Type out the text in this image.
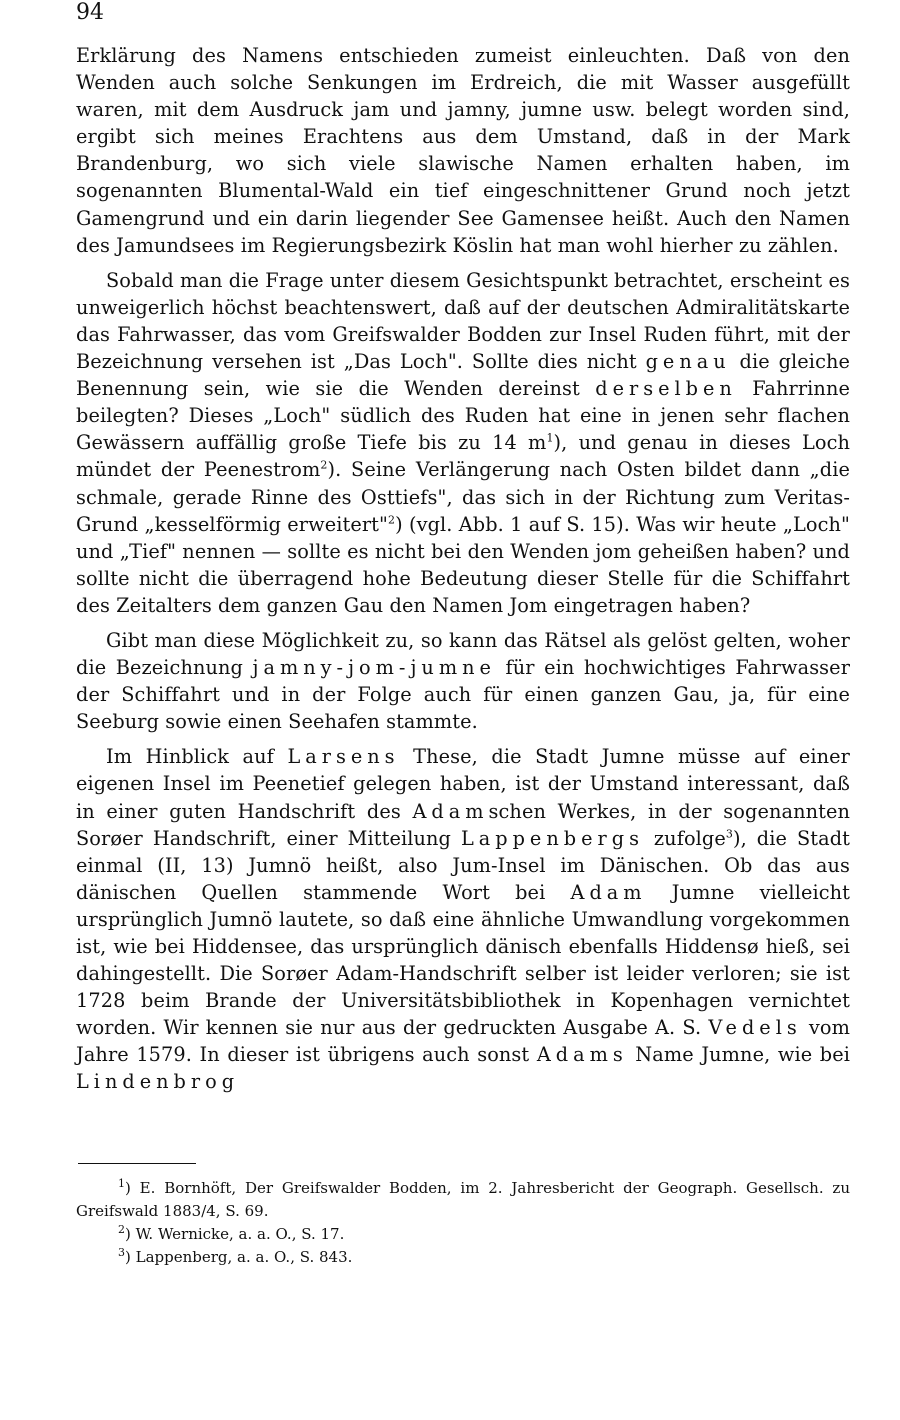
94

Erklärung des Namens entschieden zumeist einleuchten. Daß von den Wenden auch solche Senkungen im Erdreich, die mit Wasser ausgefüllt waren, mit dem Ausdruck jam und jamny, jumne usw. belegt worden sind, ergibt sich meines Erachtens aus dem Umstand, daß in der Mark Brandenburg, wo sich viele slawische Namen erhalten haben, im sogenannten Blumental-Wald ein tief eingeschnittener Grund noch jetzt Gamengrund und ein darin liegender See Gamensee heißt. Auch den Namen des Jamundsees im Regierungsbezirk Köslin hat man wohl hierher zu zählen.

Sobald man die Frage unter diesem Gesichtspunkt betrachtet, erscheint es unweigerlich höchst beachtenswert, daß auf der deutschen Admiralitätskarte das Fahrwasser, das vom Greifswalder Bodden zur Insel Ruden führt, mit der Bezeichnung versehen ist „Das Loch". Sollte dies nicht genau die gleiche Benennung sein, wie sie die Wenden dereinst derselben Fahrrinne beilegten? Dieses „Loch" südlich des Ruden hat eine in jenen sehr flachen Gewässern auffällig große Tiefe bis zu 14 $m^1$), und genau in dieses Loch mündet der Peenestrom$^2$). Seine Verlängerung nach Osten bildet dann „die schmale, gerade Rinne des Osttiefs", das sich in der Richtung zum Veritas-Grund „kesselförmig erweitert"$^2$) (vgl. Abb. 1 auf S. 15). Was wir heute „Loch" und „Tief" nennen — sollte es nicht bei den Wenden jom geheißen haben? und sollte nicht die überragend hohe Bedeutung dieser Stelle für die Schiffahrt des Zeitalters dem ganzen Gau den Namen Jom eingetragen haben?

Gibt man diese Möglichkeit zu, so kann das Rätsel als gelöst gelten, woher die Bezeichnung jamny-jom-jumne für ein hochwichtiges Fahrwasser der Schiffahrt und in der Folge auch für einen ganzen Gau, ja, für eine Seeburg sowie einen Seehafen stammte.

Im Hinblick auf Larsens These, die Stadt Jumne müsse auf einer eigenen Insel im Peenetief gelegen haben, ist der Umstand interessant, daß in einer guten Handschrift des Adamschen Werkes, in der sogenannten Sorøer Handschrift, einer Mitteilung Lappenbergs zufolge$^3$), die Stadt einmal (II, 13) Jumnö heißt, also Jum-Insel im Dänischen. Ob das aus dänischen Quellen stammende Wort bei Adam Jumne vielleicht ursprünglich Jumnö lautete, so daß eine ähnliche Umwandlung vorgekommen ist, wie bei Hiddensee, das ursprünglich dänisch ebenfalls Hiddensø hieß, sei dahingestellt. Die Sorøer Adam-Handschrift selber ist leider verloren; sie ist 1728 beim Brande der Universitätsbibliothek in Kopenhagen vernichtet worden. Wir kennen sie nur aus der gedruckten Ausgabe A. S. Vedels vom Jahre 1579. In dieser ist übrigens auch sonst Adams Name Jumne, wie bei Lindenbrog

$^1$) E. Bornhöft, Der Greifswalder Bodden, im 2. Jahresbericht der Geograph. Gesellsch. zu Greifswald 1883/4, S. 69.

$^2$) W. Wernicke, a. a. O., S. 17.

$^3$) Lappenberg, a. a. O., S. 843.
